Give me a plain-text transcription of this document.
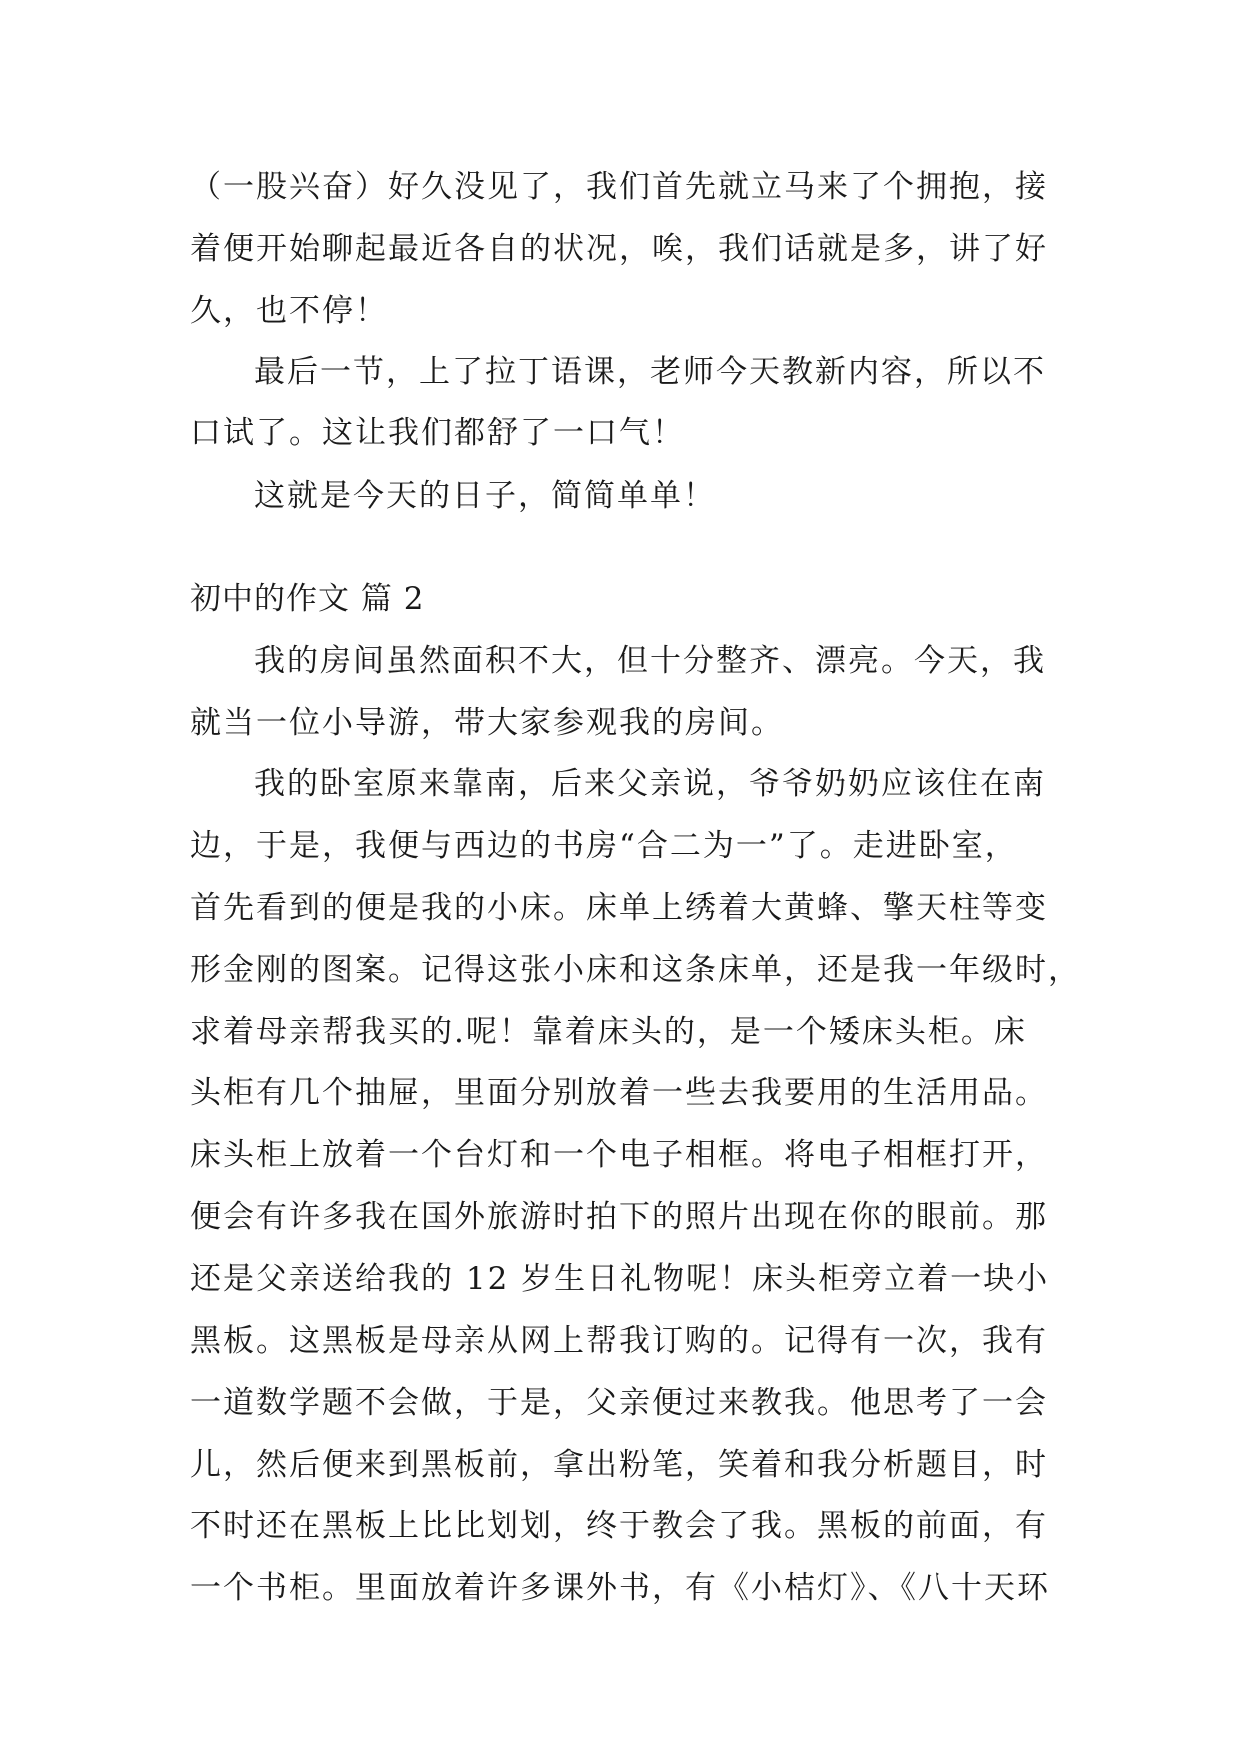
（一股兴奋）好久没见了，我们首先就立马来了个拥抱，接
着便开始聊起最近各自的状况，唉，我们话就是多，讲了好
久，也不停！
最后一节，上了拉丁语课，老师今天教新内容，所以不
口试了。这让我们都舒了一口气！
这就是今天的日子，简简单单！
初中的作文 篇 2
我的房间虽然面积不大，但十分整齐、漂亮。今天，我
就当一位小导游，带大家参观我的房间。
我的卧室原来靠南，后来父亲说，爷爷奶奶应该住在南
边，于是，我便与西边的书房“合二为一”了。走进卧室，
首先看到的便是我的小床。床单上绣着大黄蜂、擎天柱等变
形金刚的图案。记得这张小床和这条床单，还是我一年级时，
求着母亲帮我买的.呢！靠着床头的，是一个矮床头柜。床
头柜有几个抽屉，里面分别放着一些去我要用的生活用品。
床头柜上放着一个台灯和一个电子相框。将电子相框打开，
便会有许多我在国外旅游时拍下的照片出现在你的眼前。那
还是父亲送给我的 12 岁生日礼物呢！床头柜旁立着一块小
黑板。这黑板是母亲从网上帮我订购的。记得有一次，我有
一道数学题不会做，于是，父亲便过来教我。他思考了一会
儿，然后便来到黑板前，拿出粉笔，笑着和我分析题目，时
不时还在黑板上比比划划，终于教会了我。黑板的前面，有
一个书柜。里面放着许多课外书，有《小桔灯》、《八十天环
